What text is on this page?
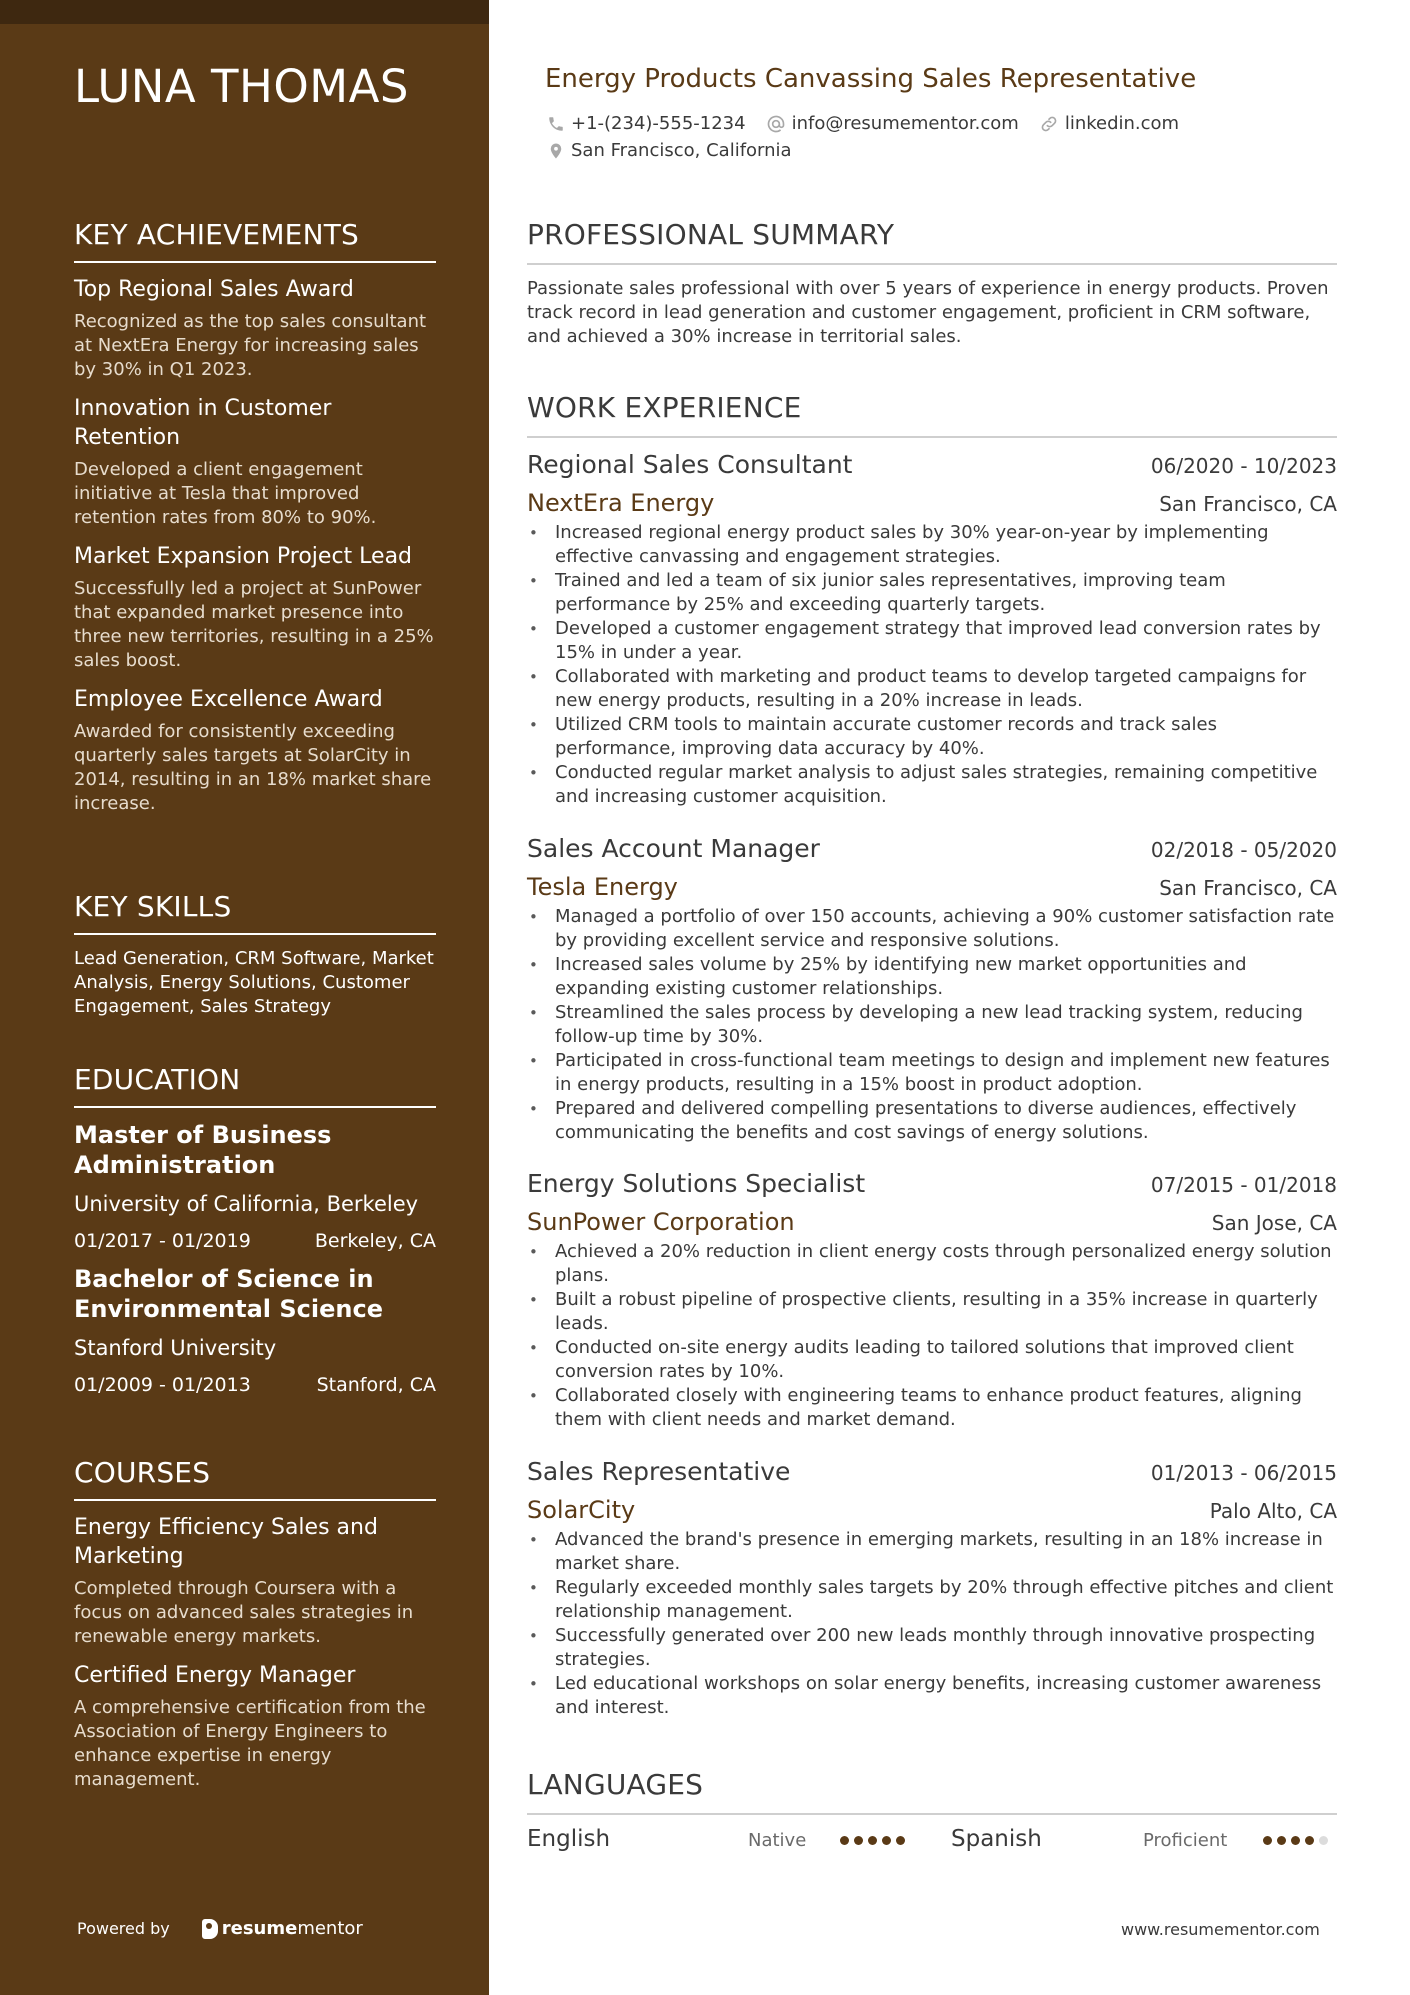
LUNA THOMAS
KEY ACHIEVEMENTS
Top Regional Sales Award
Recognized as the top sales consultant at NextEra Energy for increasing sales by 30% in Q1 2023.
Innovation in Customer Retention
Developed a client engagement initiative at Tesla that improved retention rates from 80% to 90%.
Market Expansion Project Lead
Successfully led a project at SunPower that expanded market presence into three new territories, resulting in a 25% sales boost.
Employee Excellence Award
Awarded for consistently exceeding quarterly sales targets at SolarCity in 2014, resulting in an 18% market share increase.
KEY SKILLS
Lead Generation, CRM Software, Market Analysis, Energy Solutions, Customer Engagement, Sales Strategy
EDUCATION
Master of Business Administration
University of California, Berkeley
01/2017 - 01/2019	Berkeley, CA
Bachelor of Science in Environmental Science
Stanford University
01/2009 - 01/2013	Stanford, CA
COURSES
Energy Efficiency Sales and Marketing
Completed through Coursera with a focus on advanced sales strategies in renewable energy markets.
Certified Energy Manager
A comprehensive certification from the Association of Energy Engineers to enhance expertise in energy management.
Powered by	resume mentor
Energy Products Canvassing Sales Representative
+1-(234)-555-1234	info@resumementor.com	linkedin.com
San Francisco, California
PROFESSIONAL SUMMARY
Passionate sales professional with over 5 years of experience in energy products. Proven track record in lead generation and customer engagement, proficient in CRM software, and achieved a 30% increase in territorial sales.
WORK EXPERIENCE
Regional Sales Consultant	06/2020 - 10/2023
NextEra Energy	San Francisco, CA
• Increased regional energy product sales by 30% year-on-year by implementing effective canvassing and engagement strategies.
• Trained and led a team of six junior sales representatives, improving team performance by 25% and exceeding quarterly targets.
• Developed a customer engagement strategy that improved lead conversion rates by 15% in under a year.
• Collaborated with marketing and product teams to develop targeted campaigns for new energy products, resulting in a 20% increase in leads.
• Utilized CRM tools to maintain accurate customer records and track sales performance, improving data accuracy by 40%.
• Conducted regular market analysis to adjust sales strategies, remaining competitive and increasing customer acquisition.
Sales Account Manager	02/2018 - 05/2020
Tesla Energy	San Francisco, CA
• Managed a portfolio of over 150 accounts, achieving a 90% customer satisfaction rate by providing excellent service and responsive solutions.
• Increased sales volume by 25% by identifying new market opportunities and expanding existing customer relationships.
• Streamlined the sales process by developing a new lead tracking system, reducing follow-up time by 30%.
• Participated in cross-functional team meetings to design and implement new features in energy products, resulting in a 15% boost in product adoption.
• Prepared and delivered compelling presentations to diverse audiences, effectively communicating the benefits and cost savings of energy solutions.
Energy Solutions Specialist	07/2015 - 01/2018
SunPower Corporation	San Jose, CA
• Achieved a 20% reduction in client energy costs through personalized energy solution plans.
• Built a robust pipeline of prospective clients, resulting in a 35% increase in quarterly leads.
• Conducted on-site energy audits leading to tailored solutions that improved client conversion rates by 10%.
• Collaborated closely with engineering teams to enhance product features, aligning them with client needs and market demand.
Sales Representative	01/2013 - 06/2015
SolarCity	Palo Alto, CA
• Advanced the brand's presence in emerging markets, resulting in an 18% increase in market share.
• Regularly exceeded monthly sales targets by 20% through effective pitches and client relationship management.
• Successfully generated over 200 new leads monthly through innovative prospecting strategies.
• Led educational workshops on solar energy benefits, increasing customer awareness and interest.
LANGUAGES
English	Native	Spanish	Proficient
www.resumementor.com
